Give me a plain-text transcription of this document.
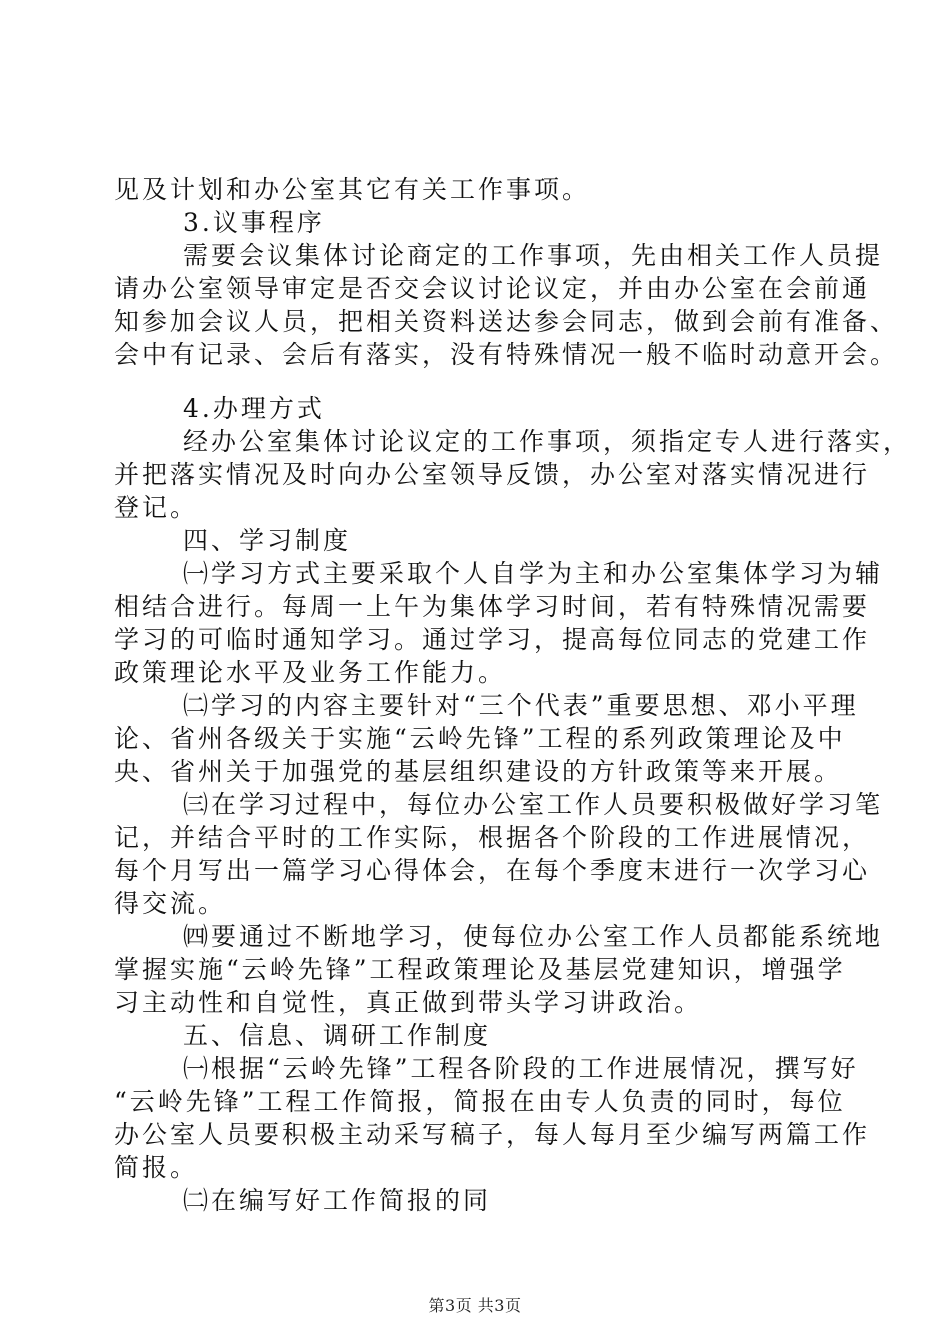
见及计划和办公室其它有关工作事项。
3.议事程序
需要会议集体讨论商定的工作事项，先由相关工作人员提
请办公室领导审定是否交会议讨论议定，并由办公室在会前通
知参加会议人员，把相关资料送达参会同志，做到会前有准备、
会中有记录、会后有落实，没有特殊情况一般不临时动意开会。
4.办理方式
经办公室集体讨论议定的工作事项，须指定专人进行落实，
并把落实情况及时向办公室领导反馈，办公室对落实情况进行
登记。
四、学习制度
㈠学习方式主要采取个人自学为主和办公室集体学习为辅
相结合进行。每周一上午为集体学习时间，若有特殊情况需要
学习的可临时通知学习。通过学习，提高每位同志的党建工作
政策理论水平及业务工作能力。
㈡学习的内容主要针对“三个代表”重要思想、邓小平理
论、省州各级关于实施“云岭先锋”工程的系列政策理论及中
央、省州关于加强党的基层组织建设的方针政策等来开展。
㈢在学习过程中，每位办公室工作人员要积极做好学习笔
记，并结合平时的工作实际，根据各个阶段的工作进展情况，
每个月写出一篇学习心得体会，在每个季度末进行一次学习心
得交流。
㈣要通过不断地学习，使每位办公室工作人员都能系统地
掌握实施“云岭先锋”工程政策理论及基层党建知识，增强学
习主动性和自觉性，真正做到带头学习讲政治。
五、信息、调研工作制度
㈠根据“云岭先锋”工程各阶段的工作进展情况，撰写好
“云岭先锋”工程工作简报，简报在由专人负责的同时，每位
办公室人员要积极主动采写稿子，每人每月至少编写两篇工作
简报。
㈡在编写好工作简报的同
第3页 共3页
